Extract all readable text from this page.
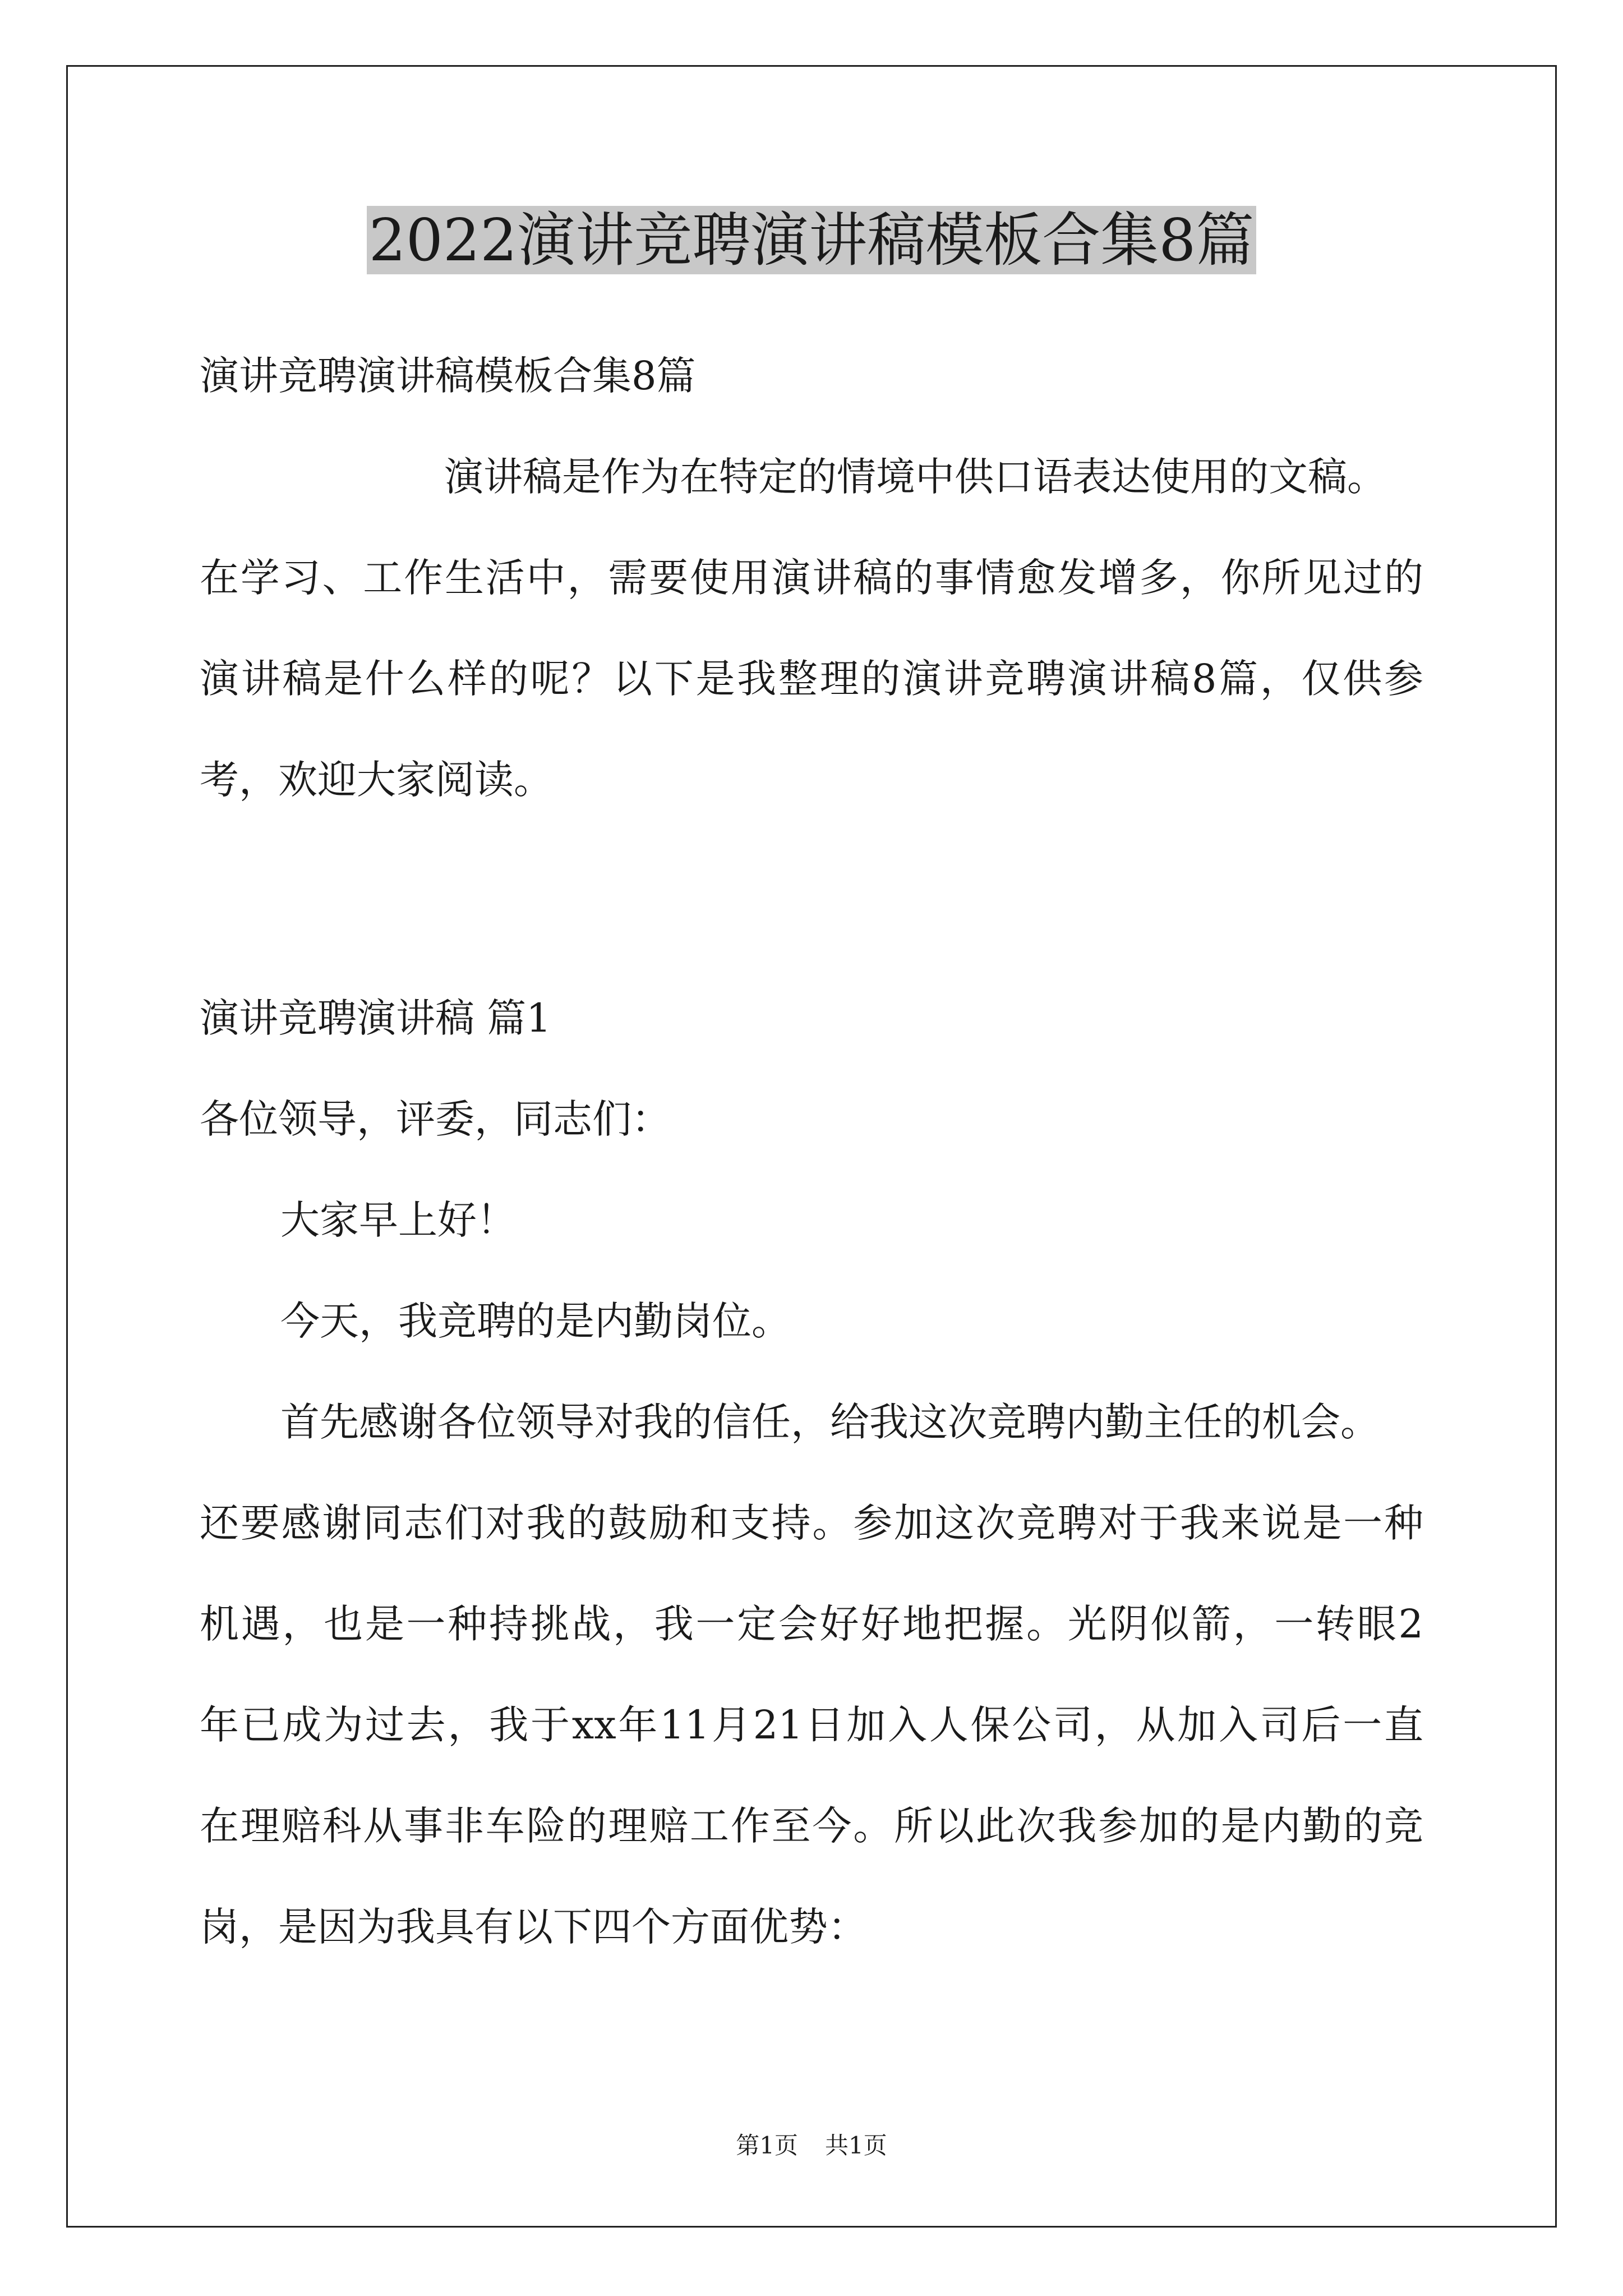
2022演讲竞聘演讲稿模板合集8篇
演讲竞聘演讲稿模板合集8篇
演讲稿是作为在特定的情境中供口语表达使用的文稿。
在学习、工作生活中，需要使用演讲稿的事情愈发增多，你所见过的
演讲稿是什么样的呢？以下是我整理的演讲竞聘演讲稿8篇，仅供参
考，欢迎大家阅读。
演讲竞聘演讲稿 篇1
各位领导，评委，同志们：
大家早上好！
今天，我竞聘的是内勤岗位。
首先感谢各位领导对我的信任，给我这次竞聘内勤主任的机会。
还要感谢同志们对我的鼓励和支持。参加这次竞聘对于我来说是一种
机遇，也是一种持挑战，我一定会好好地把握。光阴似箭，一转眼2
年已成为过去，我于xx年11月21日加入人保公司，从加入司后一直
在理赔科从事非车险的理赔工作至今。所以此次我参加的是内勤的竞
岗，是因为我具有以下四个方面优势：
第1页 共1页
